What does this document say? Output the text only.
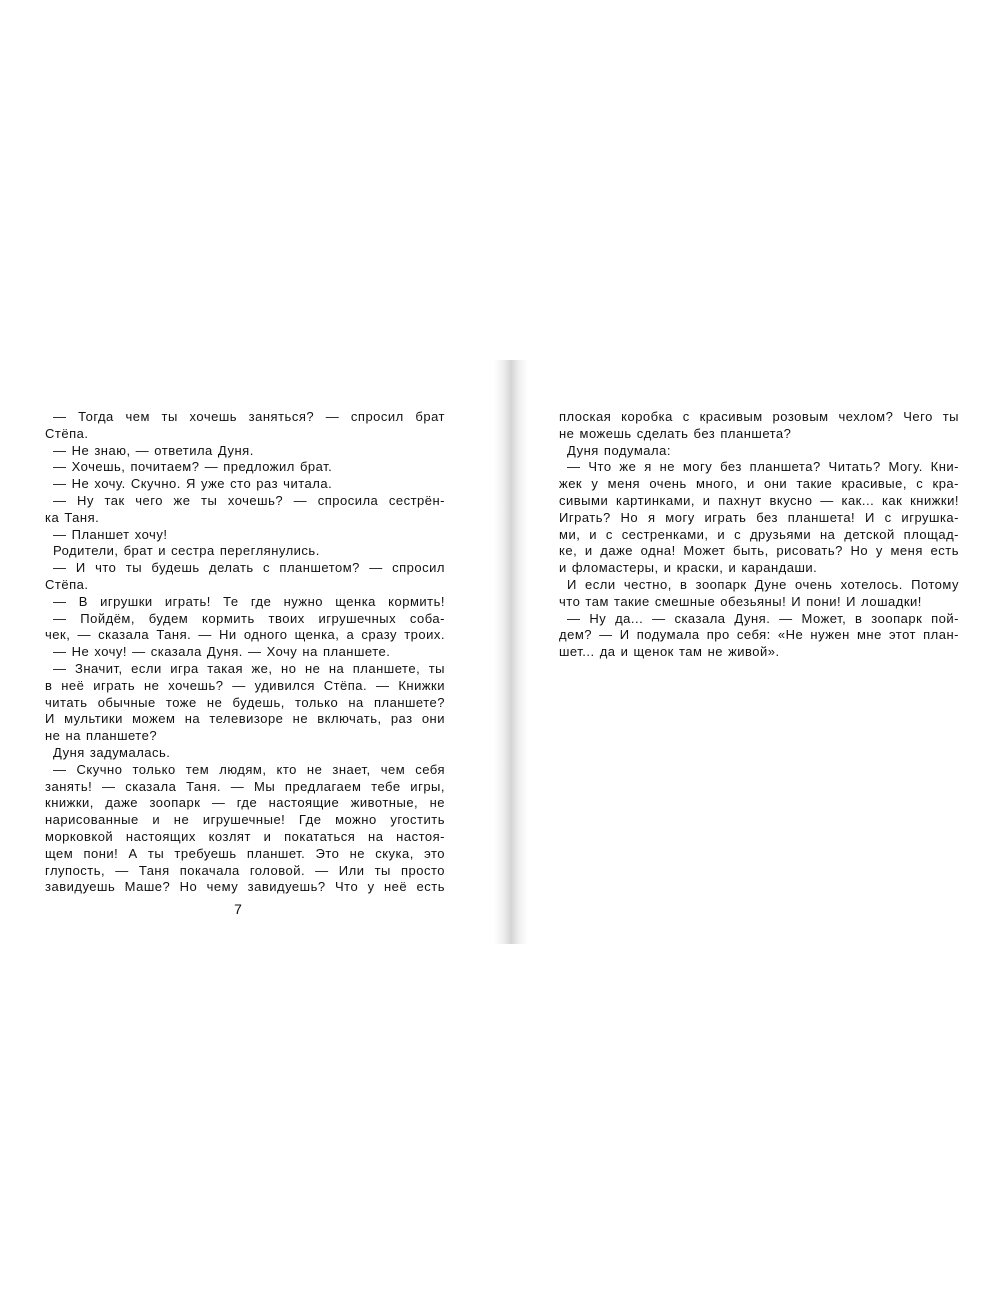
— Тогда чем ты хочешь заняться? — спросил брат
Стёпа.
— Не знаю, — ответила Дуня.
— Хочешь, почитаем? — предложил брат.
— Не хочу. Скучно. Я уже сто раз читала.
— Ну так чего же ты хочешь? — спросила сестрён-
ка Таня.
— Планшет хочу!
Родители, брат и сестра переглянулись.
— И что ты будешь делать с планшетом? — спросил
Стёпа.
— В игрушки играть! Те где нужно щенка кормить!
— Пойдём, будем кормить твоих игрушечных соба-
чек, — сказала Таня. — Ни одного щенка, а сразу троих.
— Не хочу! — сказала Дуня. — Хочу на планшете.
— Значит, если игра такая же, но не на планшете, ты
в неё играть не хочешь? — удивился Стёпа. — Книжки
читать обычные тоже не будешь, только на планшете?
И мультики можем на телевизоре не включать, раз они
не на планшете?
Дуня задумалась.
— Скучно только тем людям, кто не знает, чем себя
занять! — сказала Таня. — Мы предлагаем тебе игры,
книжки, даже зоопарк — где настоящие животные, не
нарисованные и не игрушечные! Где можно угостить
морковкой настоящих козлят и покататься на настоя-
щем пони! А ты требуешь планшет. Это не скука, это
глупость, — Таня покачала головой. — Или ты просто
завидуешь Маше? Но чему завидуешь? Что у неё есть
7
плоская коробка с красивым розовым чехлом? Чего ты
не можешь сделать без планшета?
Дуня подумала:
— Что же я не могу без планшета? Читать? Могу. Кни-
жек у меня очень много, и они такие красивые, с кра-
сивыми картинками, и пахнут вкусно — как... как книжки!
Играть? Но я могу играть без планшета! И с игрушка-
ми, и с сестренками, и с друзьями на детской площад-
ке, и даже одна! Может быть, рисовать? Но у меня есть
и фломастеры, и краски, и карандаши.
И если честно, в зоопарк Дуне очень хотелось. Потому
что там такие смешные обезьяны! И пони! И лошадки!
— Ну да... — сказала Дуня. — Может, в зоопарк пой-
дем? — И подумала про себя: «Не нужен мне этот план-
шет... да и щенок там не живой».
